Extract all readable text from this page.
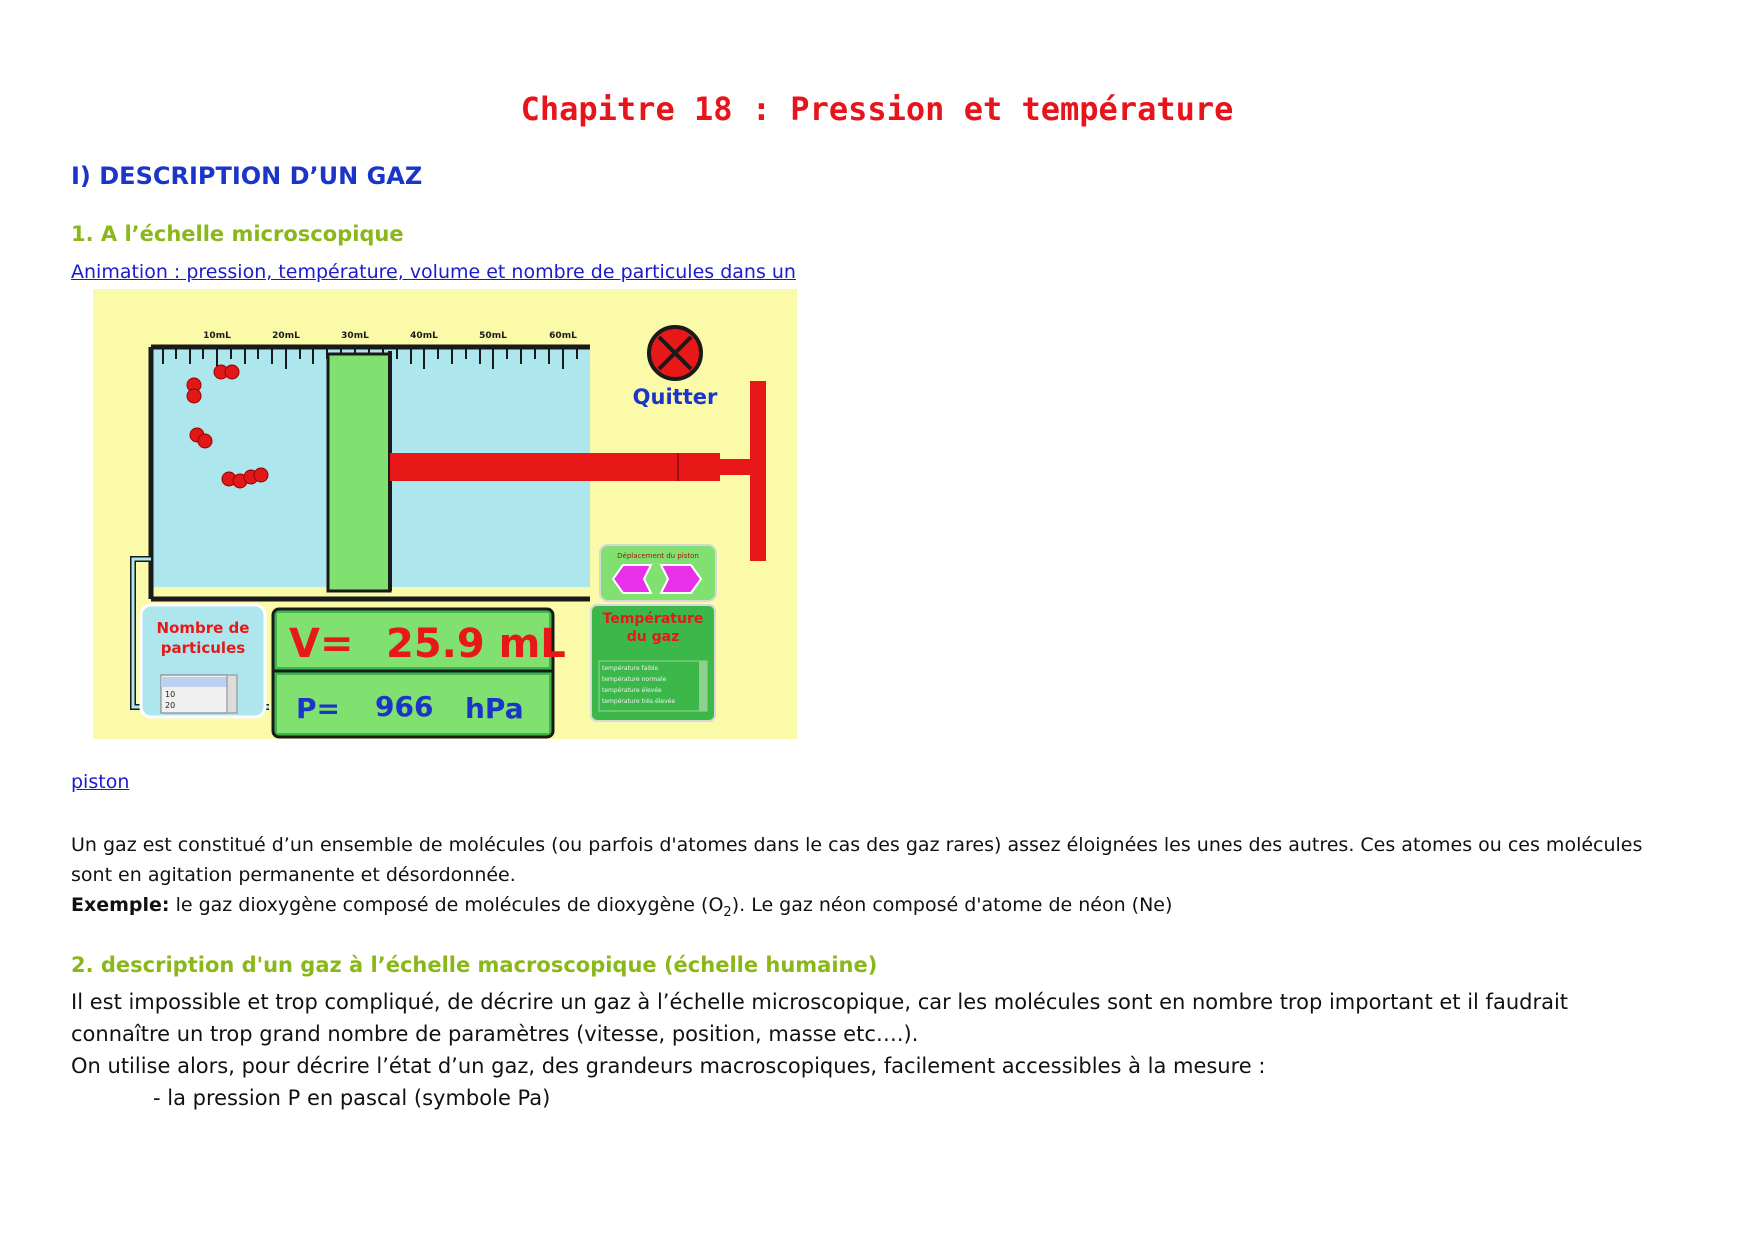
Chapitre 18 : Pression et température
I) DESCRIPTION D’UN GAZ
1. A l’échelle microscopique
Animation : pression, température, volume et nombre de particules dans un
10mL	20mL	30mL	40mL	50mL	60mL
Quitter
Déplacement du piston
Nombre de
particules
10
20
V= 25.9 mL
P= 966 hPa
Température
du gaz
température faible
température normale
température élevée
température très élevée
piston
Un gaz est constitué d’un ensemble de molécules (ou parfois d'atomes dans le cas des gaz rares) assez éloignées les unes des autres. Ces atomes ou ces molécules
sont en agitation permanente et désordonnée.
Exemple: le gaz dioxygène composé de molécules de dioxygène $(O_2)$. Le gaz néon composé d'atome de néon (Ne)
2. description d'un gaz à l’échelle macroscopique (échelle humaine)
Il est impossible et trop compliqué, de décrire un gaz à l’échelle microscopique, car les molécules sont en nombre trop important et il faudrait
connaître un trop grand nombre de paramètres (vitesse, position, masse etc….).
On utilise alors, pour décrire l’état d’un gaz, des grandeurs macroscopiques, facilement accessibles à la mesure :
- la pression P en pascal (symbole Pa)
